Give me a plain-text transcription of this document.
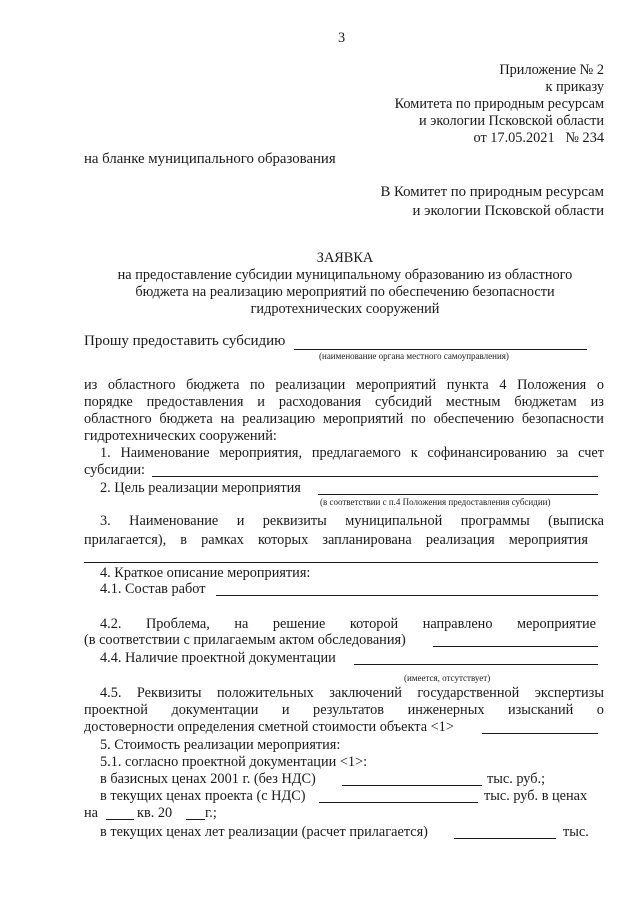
3
Приложение № 2
к приказу
Комитета по природным ресурсам
и экологии Псковской области
от 17.05.2021   № 234
на бланке муниципального образования
В Комитет по природным ресурсам
и экологии Псковской области
ЗАЯВКА
на предоставление субсидии муниципальному образованию из областного
бюджета на реализацию мероприятий по обеспечению безопасности
гидротехнических сооружений
Прошу предоставить субсидию
(наименование органа местного самоуправления)
из областного бюджета по реализации мероприятий пункта 4 Положения о
порядке предоставления и расходования субсидий местным бюджетам из
областного бюджета на реализацию мероприятий по обеспечению безопасности
гидротехнических сооружений:
1. Наименование мероприятия, предлагаемого к софинансированию за счет
субсидии:
2. Цель реализации мероприятия
(в соответствии с п.4 Положения предоставления субсидии)
3. Наименование и реквизиты муниципальной программы (выписка
прилагается), в рамках которых запланирована реализация мероприятия
4. Краткое описание мероприятия:
4.1. Состав работ
4.2. Проблема, на решение которой направлено мероприятие
(в соответствии с прилагаемым актом обследования)
4.4. Наличие проектной документации
(имеется, отсутствует)
4.5. Реквизиты положительных заключений государственной экспертизы
проектной документации и результатов инженерных изысканий о
достоверности определения сметной стоимости объекта <1>
5. Стоимость реализации мероприятия:
5.1. согласно проектной документации <1>:
в базисных ценах 2001 г. (без НДС)	тыс. руб.;
в текущих ценах проекта (с НДС)	тыс. руб. в ценах
на	кв. 20 г.;
в текущих ценах лет реализации (расчет прилагается)	тыс.
